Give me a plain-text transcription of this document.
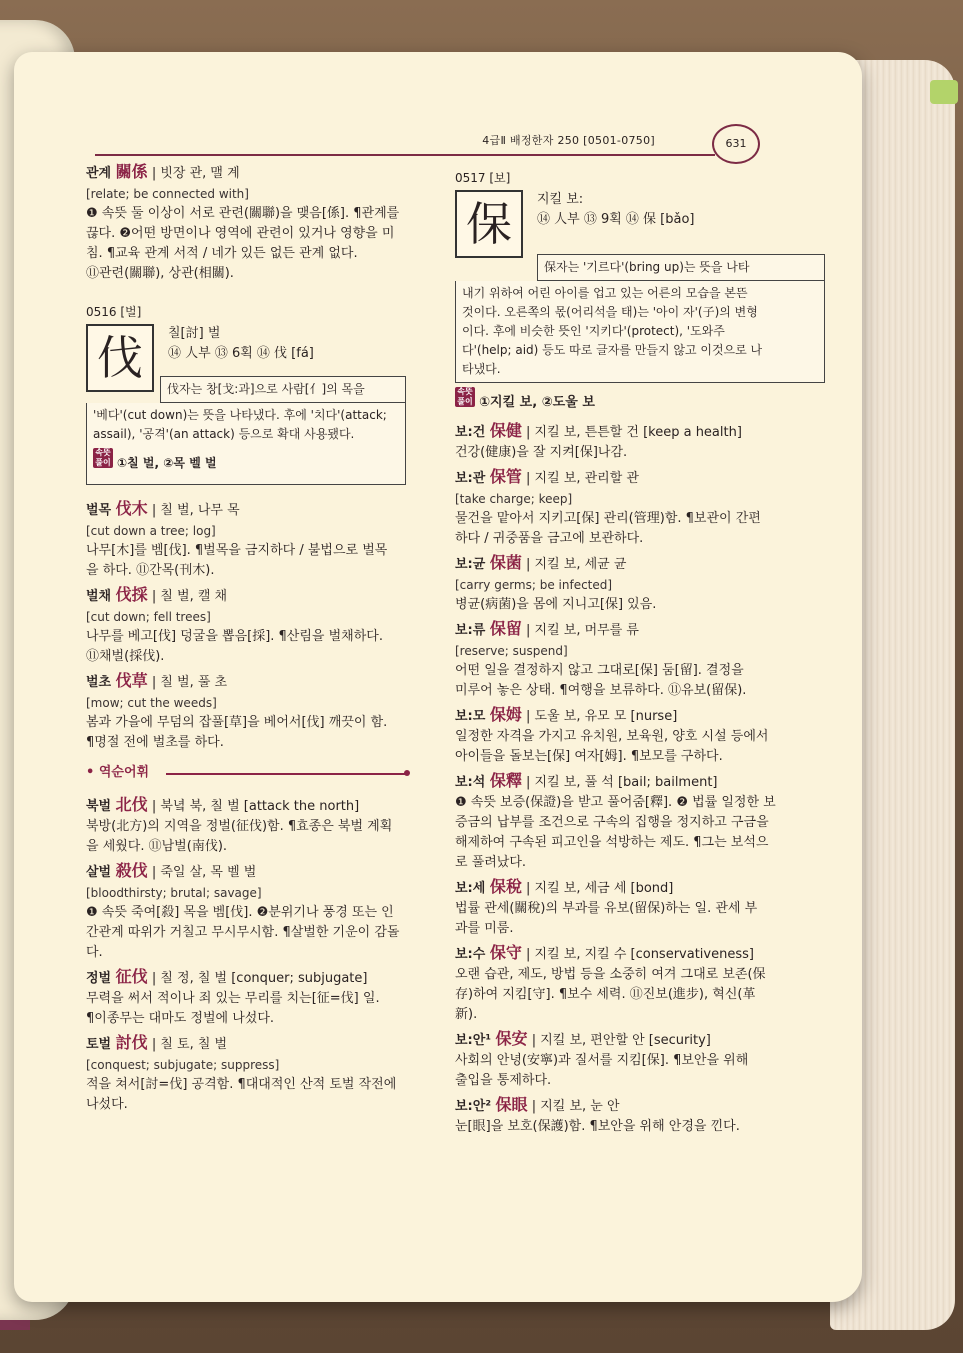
4급Ⅱ 배정한자 250 [0501-0750]	631
관계 關係 | 빗장 관, 맬 계
[relate; be connected with]
❶ 속뜻 둘 이상이 서로 관련(關聯)을 맺음[係]. ¶관계를
끊다. ❷어떤 방면이나 영역에 관련이 있거나 영향을 미
침. ¶교육 관계 서적 / 네가 있든 없든 관계 없다.
⑪관련(關聯), 상관(相關).
0516 [벌]
伐	칠[討] 벌
⑭ 人부 ⑬ 6획 ⑭ 伐 [fá]
伐자는 창[戈:과]으로 사람[亻]의 목을
'베다'(cut down)는 뜻을 나타냈다. 후에 '치다'(attack;
assail), '공격'(an attack) 등으로 확대 사용됐다.
속뜻 풀이 ①칠 벌, ②목 벨 벌
벌목 伐木 | 칠 벌, 나무 목
[cut down a tree; log]
나무[木]를 벰[伐]. ¶벌목을 금지하다 / 불법으로 벌목
을 하다. ⑪간목(刊木).
벌채 伐採 | 칠 벌, 캘 채
[cut down; fell trees]
나무를 베고[伐] 덩굴을 뽑음[採]. ¶산림을 벌채하다.
⑪채벌(採伐).
벌초 伐草 | 칠 벌, 풀 초
[mow; cut the weeds]
봄과 가을에 무덤의 잡풀[草]을 베어서[伐] 깨끗이 함.
¶명절 전에 벌초를 하다.
• 역순어휘
북벌 北伐 | 북녘 북, 칠 벌 [attack the north]
북방(北方)의 지역을 정벌(征伐)함. ¶효종은 북벌 계획
을 세웠다. ⑪남벌(南伐).
살벌 殺伐 | 죽일 살, 목 벨 벌
[bloodthirsty; brutal; savage]
❶ 속뜻 죽여[殺] 목을 벰[伐]. ❷분위기나 풍경 또는 인
간관계 따위가 거칠고 무시무시함. ¶살벌한 기운이 감돌
다.
정벌 征伐 | 칠 정, 칠 벌 [conquer; subjugate]
무력을 써서 적이나 죄 있는 무리를 치는[征=伐] 일.
¶이종무는 대마도 정벌에 나섰다.
토벌 討伐 | 칠 토, 칠 벌
[conquest; subjugate; suppress]
적을 쳐서[討=伐] 공격함. ¶대대적인 산적 토벌 작전에
나섰다.
0517 [보]
保	지킬 보:
⑭ 人부 ⑬ 9획 ⑭ 保 [bǎo]
保자는 '기르다'(bring up)는 뜻을 나타
내기 위하여 어린 아이를 업고 있는 어른의 모습을 본뜬
것이다. 오른쪽의 몫(어리석을 태)는 '아이 자'(子)의 변형
이다. 후에 비슷한 뜻인 '지키다'(protect), '도와주
다'(help; aid) 등도 따로 글자를 만들지 않고 이것으로 나
타냈다.
속뜻 풀이 ①지킬 보, ②도울 보
보:건 保健 | 지킬 보, 튼튼할 건 [keep a health]
건강(健康)을 잘 지켜[保]나감.
보:관 保管 | 지킬 보, 관리할 관
[take charge; keep]
물건을 맡아서 지키고[保] 관리(管理)함. ¶보관이 간편
하다 / 귀중품을 금고에 보관하다.
보:균 保菌 | 지킬 보, 세균 균
[carry germs; be infected]
병균(病菌)을 몸에 지니고[保] 있음.
보:류 保留 | 지킬 보, 머무를 류
[reserve; suspend]
어떤 일을 결정하지 않고 그대로[保] 둠[留]. 결정을
미루어 놓은 상태. ¶여행을 보류하다. ⑪유보(留保).
보:모 保姆 | 도울 보, 유모 모 [nurse]
일정한 자격을 가지고 유치원, 보육원, 양호 시설 등에서
아이들을 돌보는[保] 여자[姆]. ¶보모를 구하다.
보:석 保釋 | 지킬 보, 풀 석 [bail; bailment]
❶ 속뜻 보증(保證)을 받고 풀어줌[釋]. ❷ 법률 일정한 보
증금의 납부를 조건으로 구속의 집행을 정지하고 구금을
해제하여 구속된 피고인을 석방하는 제도. ¶그는 보석으
로 풀려났다.
보:세 保稅 | 지킬 보, 세금 세 [bond]
법률 관세(關稅)의 부과를 유보(留保)하는 일. 관세 부
과를 미룸.
보:수 保守 | 지킬 보, 지킬 수 [conservativeness]
오랜 습관, 제도, 방법 등을 소중히 여겨 그대로 보존(保
存)하여 지킴[守]. ¶보수 세력. ⑪진보(進步), 혁신(革
新).
보:안¹ 保安 | 지킬 보, 편안할 안 [security]
사회의 안녕(安寧)과 질서를 지킴[保]. ¶보안을 위해
출입을 통제하다.
보:안² 保眼 | 지킬 보, 눈 안
눈[眼]을 보호(保護)함. ¶보안을 위해 안경을 낀다.
